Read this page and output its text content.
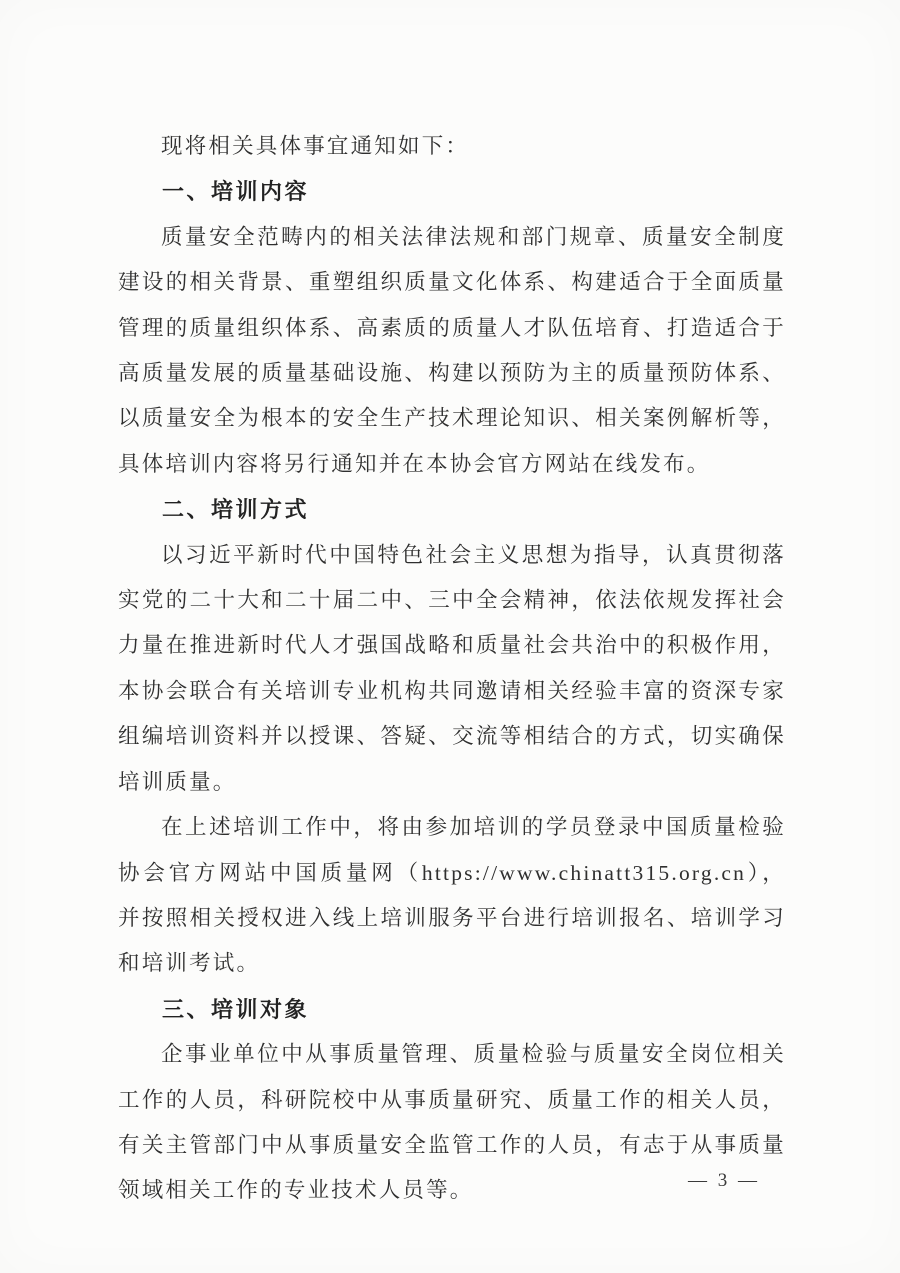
现将相关具体事宜通知如下：

一、培训内容

质量安全范畴内的相关法律法规和部门规章、质量安全制度建设的相关背景、重塑组织质量文化体系、构建适合于全面质量管理的质量组织体系、高素质的质量人才队伍培育、打造适合于高质量发展的质量基础设施、构建以预防为主的质量预防体系、以质量安全为根本的安全生产技术理论知识、相关案例解析等，具体培训内容将另行通知并在本协会官方网站在线发布。

二、培训方式

以习近平新时代中国特色社会主义思想为指导，认真贯彻落实党的二十大和二十届二中、三中全会精神，依法依规发挥社会力量在推进新时代人才强国战略和质量社会共治中的积极作用，本协会联合有关培训专业机构共同邀请相关经验丰富的资深专家组编培训资料并以授课、答疑、交流等相结合的方式，切实确保培训质量。

在上述培训工作中，将由参加培训的学员登录中国质量检验协会官方网站中国质量网（https://www.chinatt315.org.cn），并按照相关授权进入线上培训服务平台进行培训报名、培训学习和培训考试。

三、培训对象

企事业单位中从事质量管理、质量检验与质量安全岗位相关工作的人员，科研院校中从事质量研究、质量工作的相关人员，有关主管部门中从事质量安全监管工作的人员，有志于从事质量领域相关工作的专业技术人员等。	— 3 —
